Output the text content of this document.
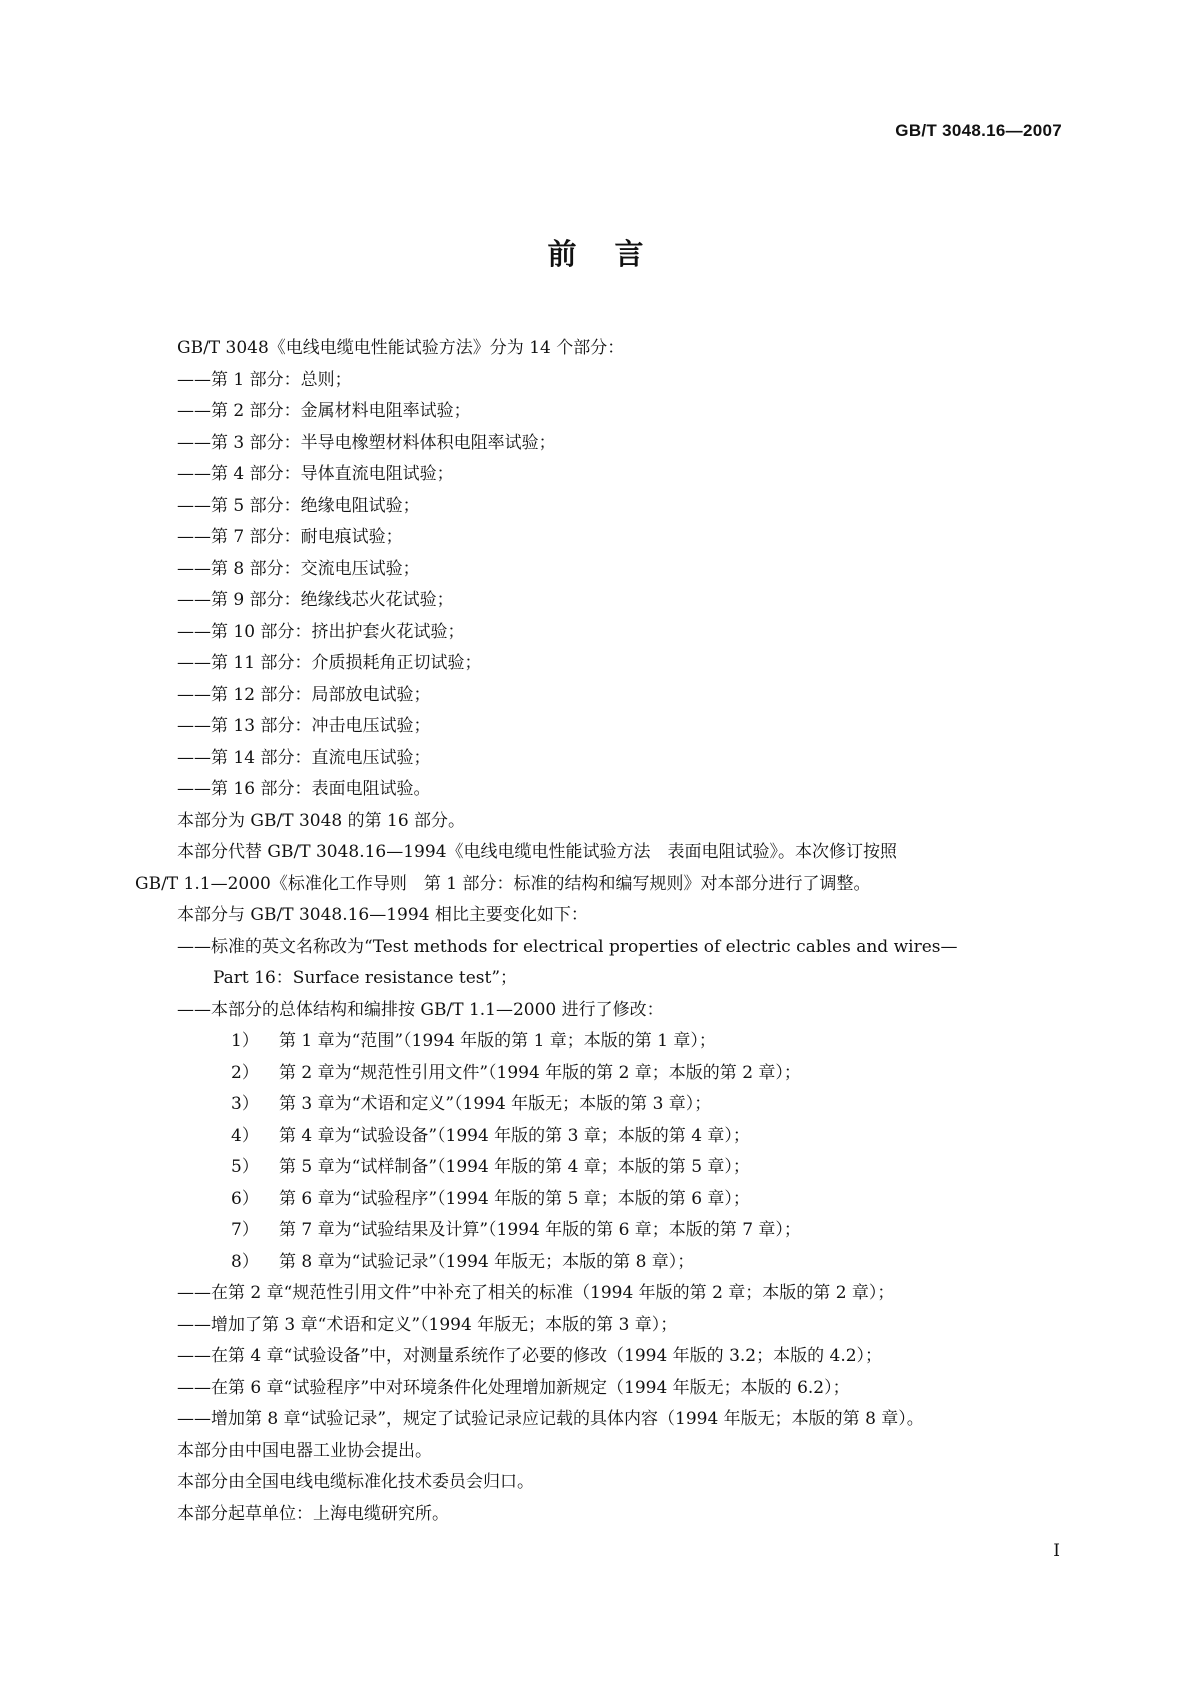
GB/T 3048.16—2007
前言
GB/T 3048《电线电缆电性能试验方法》分为 14 个部分：
——第 1 部分：总则；
——第 2 部分：金属材料电阻率试验；
——第 3 部分：半导电橡塑材料体积电阻率试验；
——第 4 部分：导体直流电阻试验；
——第 5 部分：绝缘电阻试验；
——第 7 部分：耐电痕试验；
——第 8 部分：交流电压试验；
——第 9 部分：绝缘线芯火花试验；
——第 10 部分：挤出护套火花试验；
——第 11 部分：介质损耗角正切试验；
——第 12 部分：局部放电试验；
——第 13 部分：冲击电压试验；
——第 14 部分：直流电压试验；
——第 16 部分：表面电阻试验。
本部分为 GB/T 3048 的第 16 部分。
本部分代替 GB/T 3048.16—1994《电线电缆电性能试验方法　表面电阻试验》。本次修订按照
GB/T 1.1—2000《标准化工作导则　第 1 部分：标准的结构和编写规则》对本部分进行了调整。
本部分与 GB/T 3048.16—1994 相比主要变化如下：
——标准的英文名称改为“Test methods for electrical properties of electric cables and wires—
Part 16：Surface resistance test”；
——本部分的总体结构和编排按 GB/T 1.1—2000 进行了修改：
1） 第 1 章为“范围”（1994 年版的第 1 章；本版的第 1 章）；
2） 第 2 章为“规范性引用文件”（1994 年版的第 2 章；本版的第 2 章）；
3） 第 3 章为“术语和定义”（1994 年版无；本版的第 3 章）；
4） 第 4 章为“试验设备”（1994 年版的第 3 章；本版的第 4 章）；
5） 第 5 章为“试样制备”（1994 年版的第 4 章；本版的第 5 章）；
6） 第 6 章为“试验程序”（1994 年版的第 5 章；本版的第 6 章）；
7） 第 7 章为“试验结果及计算”（1994 年版的第 6 章；本版的第 7 章）；
8） 第 8 章为“试验记录”（1994 年版无；本版的第 8 章）；
——在第 2 章“规范性引用文件”中补充了相关的标准（1994 年版的第 2 章；本版的第 2 章）；
——增加了第 3 章“术语和定义”（1994 年版无；本版的第 3 章）；
——在第 4 章“试验设备”中，对测量系统作了必要的修改（1994 年版的 3.2；本版的 4.2）；
——在第 6 章“试验程序”中对环境条件化处理增加新规定（1994 年版无；本版的 6.2）；
——增加第 8 章“试验记录”，规定了试验记录应记载的具体内容（1994 年版无；本版的第 8 章）。
本部分由中国电器工业协会提出。
本部分由全国电线电缆标准化技术委员会归口。
本部分起草单位：上海电缆研究所。
I
